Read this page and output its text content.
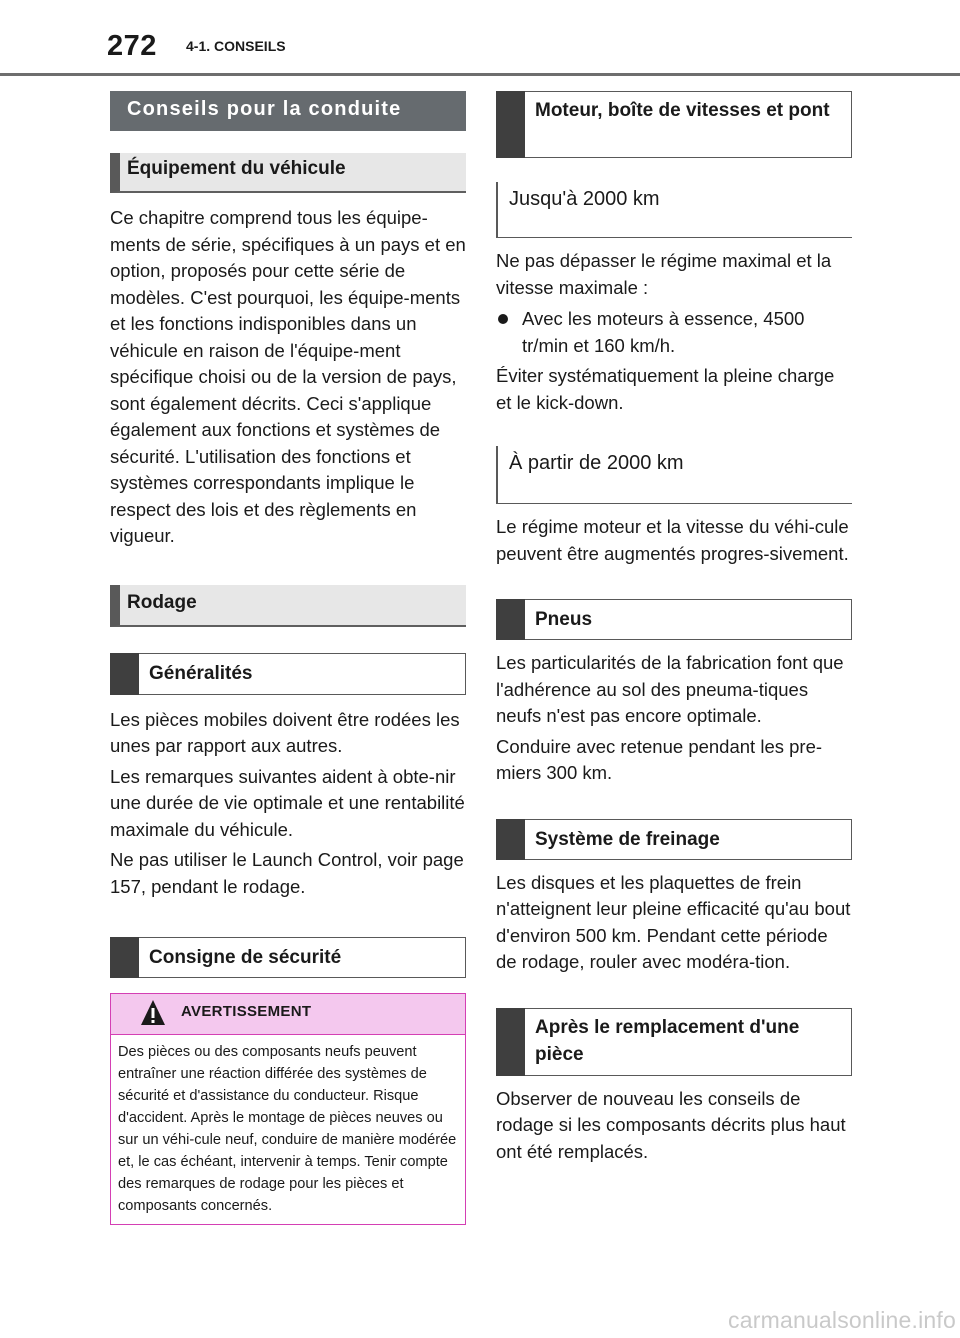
272 4-1. CONSEILS
Conseils pour la conduite
Équipement du véhicule

Ce chapitre comprend tous les équipe-ments de série, spécifiques à un pays et en option, proposés pour cette série de modèles. C'est pourquoi, les équipe-ments et les fonctions indisponibles dans un véhicule en raison de l'équipe-ment spécifique choisi ou de la version de pays, sont également décrits. Ceci s'applique également aux fonctions et systèmes de sécurité. L'utilisation des fonctions et systèmes correspondants implique le respect des lois et des règlements en vigueur.

Rodage
Généralités

Les pièces mobiles doivent être rodées les unes par rapport aux autres.

Les remarques suivantes aident à obte-nir une durée de vie optimale et une rentabilité maximale du véhicule.

Ne pas utiliser le Launch Control, voir page 157, pendant le rodage.

Consigne de sécurité
AVERTISSEMENT
Des pièces ou des composants neufs peuvent entraîner une réaction différée des systèmes de sécurité et d'assistance du conducteur. Risque d'accident. Après le montage de pièces neuves ou sur un véhi-cule neuf, conduire de manière modérée et, le cas échéant, intervenir à temps. Tenir compte des remarques de rodage pour les pièces et composants concernés.
Moteur, boîte de vitesses et pont
Jusqu'à 2000 km

Ne pas dépasser le régime maximal et la vitesse maximale :

Avec les moteurs à essence, 4500 tr/min et 160 km/h.

Éviter systématiquement la pleine charge et le kick-down.

À partir de 2000 km

Le régime moteur et la vitesse du véhi-cule peuvent être augmentés progres-sivement.

Pneus

Les particularités de la fabrication font que l'adhérence au sol des pneuma-tiques neufs n'est pas encore optimale.

Conduire avec retenue pendant les pre-miers 300 km.

Système de freinage

Les disques et les plaquettes de frein n'atteignent leur pleine efficacité qu'au bout d'environ 500 km. Pendant cette période de rodage, rouler avec modéra-tion.

Après le remplacement d'une pièce

Observer de nouveau les conseils de rodage si les composants décrits plus haut ont été remplacés.

carmanualsonline.info
